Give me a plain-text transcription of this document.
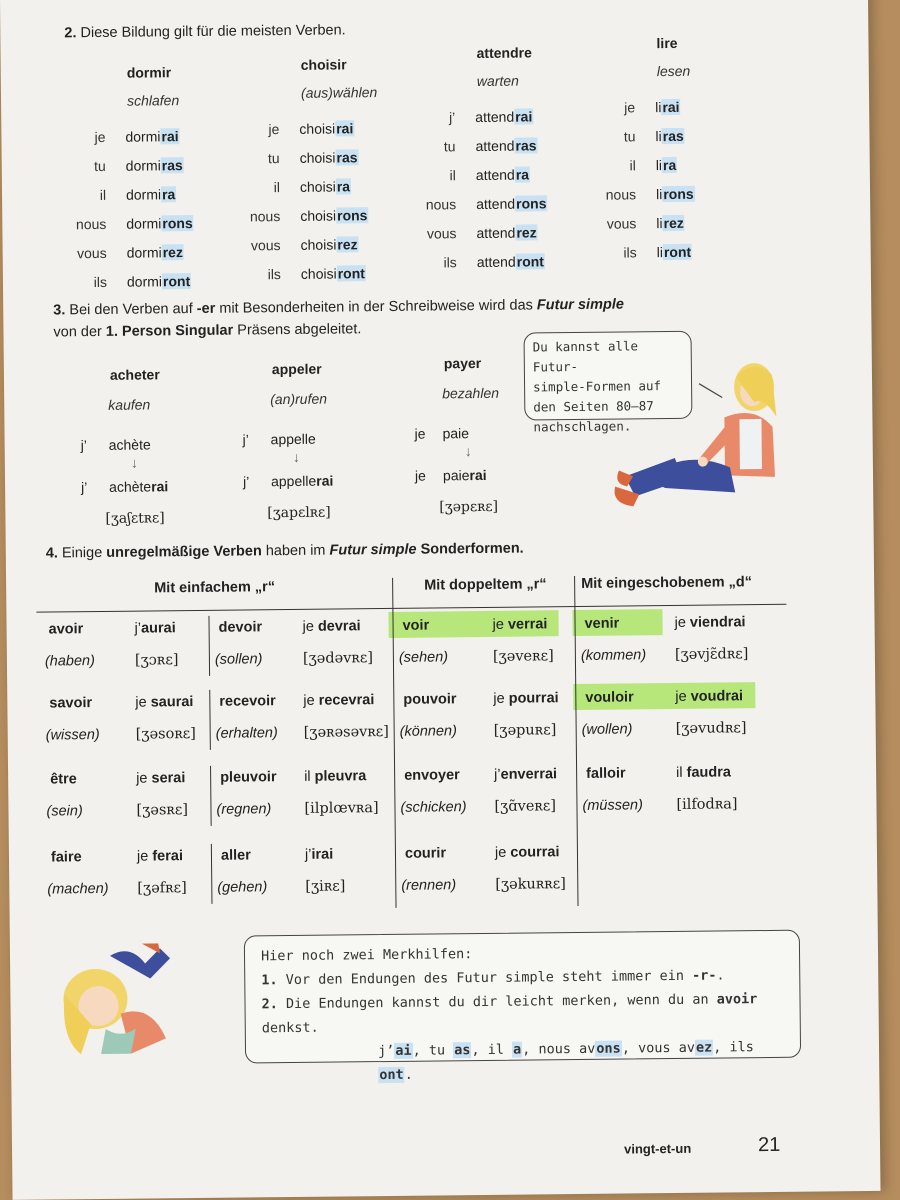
2. Diese Bildung gilt für die meisten Verben.
dormir
schlafen
je dormirai
tu dormiras
il dormira
nous dormirons
vous dormirez
ils dormiront
choisir
(aus)wählen
je choisirai
tu choisiras
il choisira
nous choisirons
vous choisirez
ils choisiront
attendre
warten
j’ attendrai
tu attendras
il attendra
nous attendrons
vous attendrez
ils attendront
lire
lesen
je lirai
tu liras
il lira
nous lirons
vous lirez
ils liront
3. Bei den Verben auf -er mit Besonderheiten in der Schreibweise wird das Futur simple
von der 1. Person Singular Präsens abgeleitet.
acheter
kaufen
j’ achète
↓
j’ achèterai
[ʒaʃɛtʀɛ]
appeler
(an)rufen
j’ appelle
↓
j’ appellerai
[ʒapɛlʀɛ]
payer
bezahlen
je paie
↓
je paierai
[ʒəpɛʀɛ]
Du kannst alle Futur-
simple-Formen auf
den Seiten 80–87
nachschlagen.
4. Einige unregelmäßige Verben haben im Futur simple Sonderformen.
Mit einfachem „r“	Mit doppeltem „r“ Mit eingeschobenem „d“
avoir
(haben)
j’aurai
[ʒɔʀɛ]
devoir
(sollen)
je devrai
[ʒədəvʀɛ]
voir
(sehen)
je verrai
[ʒəveʀɛ]
venir
(kommen)
je viendrai
[ʒəvjɛ̃dʀɛ]
savoir
(wissen)
je saurai
[ʒəsoʀɛ]
recevoir
(erhalten)
je recevrai
[ʒəʀəsəvʀɛ]
pouvoir
(können)
je pourrai
[ʒəpuʀɛ]
vouloir
(wollen)
je voudrai
[ʒəvudʀɛ]
être
(sein)
je serai
[ʒəsʀɛ]
pleuvoir
(regnen)
il pleuvra
[ilplœvʀa]
envoyer
(schicken)
j’enverrai
[ʒɑ̃veʀɛ]
falloir
(müssen)
il faudra
[ilfodʀa]
faire
(machen)
je ferai
[ʒəfʀɛ]
aller
(gehen)
j’irai
[ʒiʀɛ]
courir
(rennen)
je courrai
[ʒəkuʀʀɛ]
Hier noch zwei Merkhilfen:
1. Vor den Endungen des Futur simple steht immer ein -r-.
2. Die Endungen kannst du dir leicht merken, wenn du an avoir denkst.
j’ai, tu as, il a, nous avons, vous avez, ils ont.
vingt-et-un	21
